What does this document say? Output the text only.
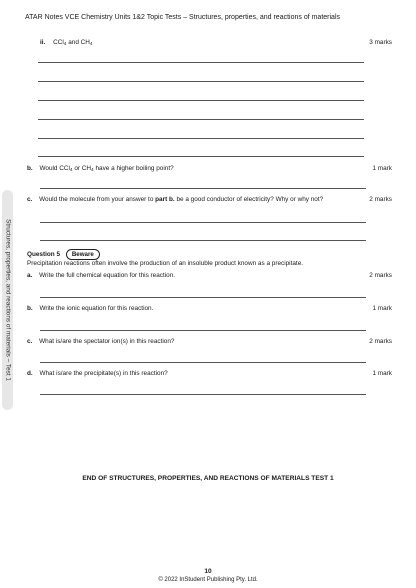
ATAR Notes VCE Chemistry Units 1&2 Topic Tests – Structures, properties, and reactions of materials
Structures, properties, and reactions of materials – Test 1
ii. CCl$_4$ and $CH_4$	3 marks
b. Would CCl$_4$ or $CH_4$ have a higher boiling point?	1 mark
c. Would the molecule from your answer to part b. be a good conductor of electricity? Why or why not?	2 marks
Question 5 Beware
Precipitation reactions often involve the production of an insoluble product known as a precipitate.
a. Write the full chemical equation for this reaction.	2 marks
b. Write the ionic equation for this reaction.	1 mark
c. What is/are the spectator ion(s) in this reaction?	2 marks
d. What is/are the precipitate(s) in this reaction?	1 mark
END OF STRUCTURES, PROPERTIES, AND REACTIONS OF MATERIALS TEST 1
10
© 2022 InStudent Publishing Pty. Ltd.
